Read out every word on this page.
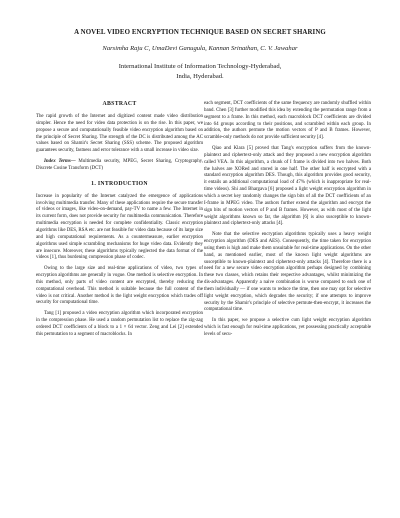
A NOVEL VIDEO ENCRYPTION TECHNIQUE BASED ON SECRET SHARING
Narsimha Raju C, UmaDevi Ganugula, Kannan Srinathan, C. V. Jawahar
International Institute of Information Technology-Hyderabad,
India, Hyderabad.
ABSTRACT

The rapid growth of the Internet and digitized content made video distribution simpler. Hence the need for video data protection is on the rise. In this paper, we propose a secure and computationally feasible video encryption algorithm based on the principle of Secret Sharing. The strength of the DC is distributed among the AC values based on Shamir's Secret Sharing (SSS) scheme. The proposed algorithm guarantees security, fastness and error tolerance with a small increase in video size.

Index Terms— Multimedia security, MPEG, Secret Sharing, Cryptography, Discrete Cosine Transform (DCT)

1. INTRODUCTION

Increase in popularity of the Internet catalyzed the emergence of applications involving multimedia transfer. Many of these applications require the secure transfer of videos or images, like video-on-demand, pay-TV to name a few. The Internet in its current form, does not provide security for multimedia communication. Therefore multimedia encryption is needed for complete confidentiality. Classic encryption algorithms like DES, RSA etc. are not feasible for video data because of its large size and high computational requirements. As a countermeasure, earlier encryption algorithms used simple scrambling mechanisms for huge video data. Evidently they are insecure. Moreover, these algorithms typically neglected the data format of the videos [1], thus burdening compression phase of codec.

Owing to the large size and real-time applications of video, two types of encryption algorithms are generally in vogue. One method is selective encryption. In this method, only parts of video content are encrypted, thereby reducing the computational overhead. This method is suitable because the full content of the video is not critical. Another method is the light weight encryption which trades off security for computational time.

Tang [1] proposed a video encryption algorithm which incorporated encryption in the compression phase. He used a random permutation list to replace the zig-zag ordered DCT coefficients of a block to a 1 × 64 vector. Zeng and Lei [2] extended this permutation to a segment of macroblocks. In

each segment, DCT coefficients of the same frequency are randomly shuffled within band. Chen [3] further modified this idea by extending the permutation range from a segment to a frame. In this method, each macroblock DCT coefficients are divided into 64 groups according to their positions, and scrambled within each group. In addition, the authors permute the motion vectors of P and B frames. However, scramble-only methods do not provide sufficient security [4].

Qiao and Klara [5] proved that Tang's encryption suffers from the known-plaintext and ciphertext-only attack and they proposed a new encryption algorithm called VEA. In this algorithm, a chunk of I frame is divided into two halves. Both the halves are XORed and stored in one half. The other half is encrypted with a standard encryption algorithm DES. Though, this algorithm provides good security, it entails an additional computational load of 47% (which is inappropriate for real-time videos). Shi and Bhargava [6] proposed a light weight encryption algorithm in which a secret key randomly changes the sign bits of all the DCT coefficients of an I-frame in MPEG video. The authors further extend the algorithm and encrypt the sign bits of motion vectors of P and B frames. However, as with most of the light weight algorithms known so far, the algorithm [6] is also susceptible to known-plaintext and ciphertext-only attacks [4].

Note that the selective encryption algorithms typically uses a heavy weight encryption algorithm (DES and AES). Consequently, the time taken for encryption using them is high and make them unsuitable for real-time applications. On the other hand, as mentioned earlier, most of the known light weight algorithms are susceptible to known-plaintext and ciphertext-only attacks [4]. Therefore there is a need for a new secure video encryption algorithm perhaps designed by combining these two classes, which retains their respective advantages, whilst minimizing the dis-advantages. Apparently a naive combination is worse compared to each one of them individually — if one wants to reduce the time, then one may opt for selective light weight encryption, which degrades the security; if one attempts to improve security by the Shamir's principle of selective permute-then-encrypt, it increases the computational time.

In this paper, we propose a selective cum light weight encryption algorithm which is fast enough for real-time applications, yet possessing practically acceptable levels of secu-
